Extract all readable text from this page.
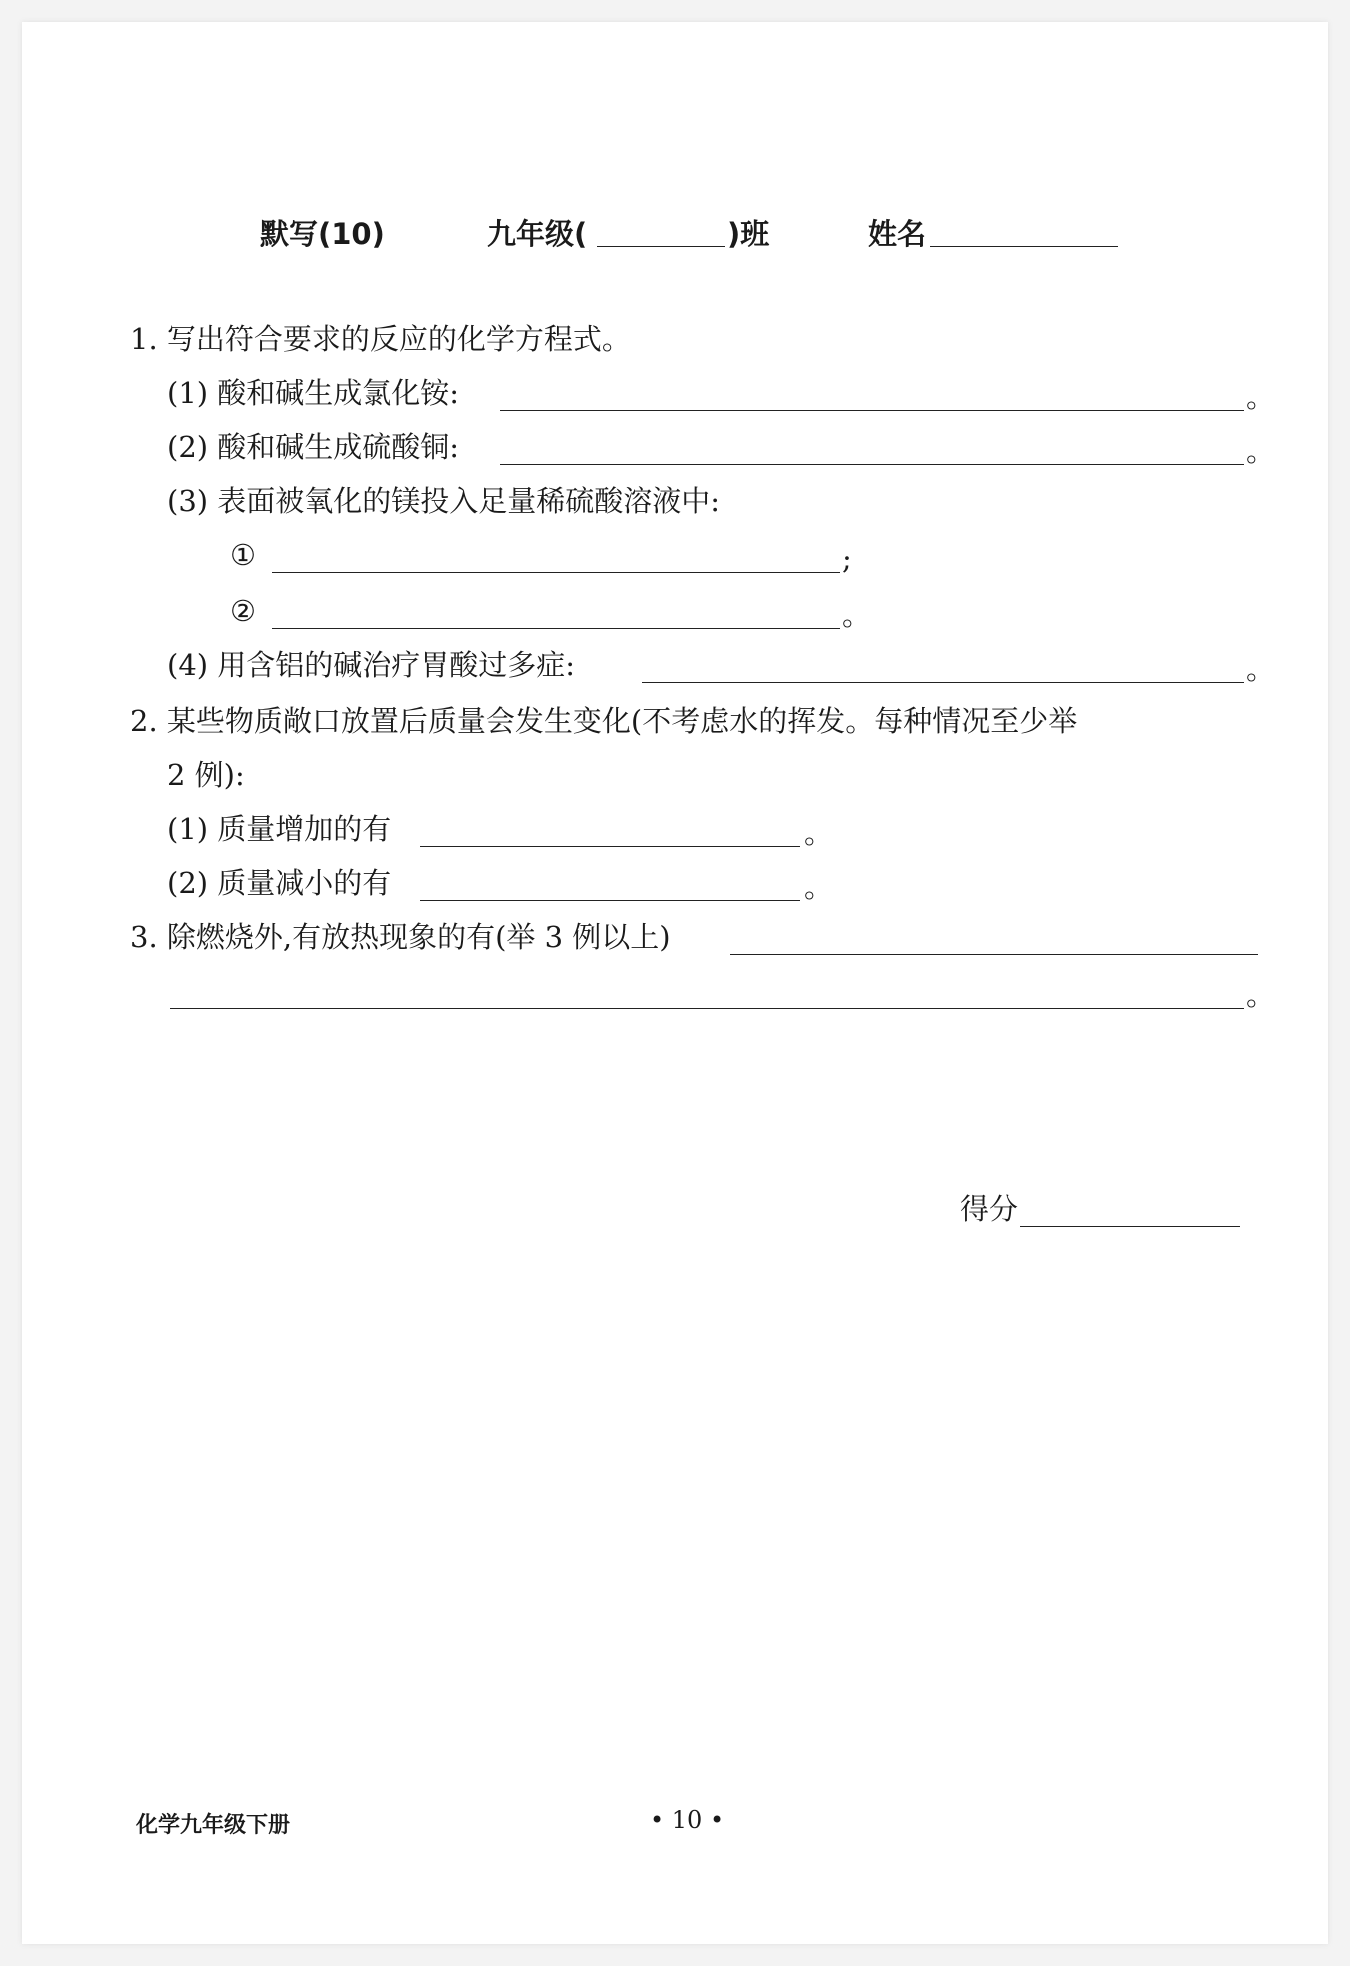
默写(10)	九年级(	)班	姓名
1. 写出符合要求的反应的化学方程式。
(1) 酸和碱生成氯化铵:	。
(2) 酸和碱生成硫酸铜:	。
(3) 表面被氧化的镁投入足量稀硫酸溶液中:
①	;
②	。
(4) 用含铝的碱治疗胃酸过多症:	。
2. 某些物质敞口放置后质量会发生变化(不考虑水的挥发。每种情况至少举
2 例):
(1) 质量增加的有	。
(2) 质量减小的有	。
3. 除燃烧外,有放热现象的有(举 3 例以上)
。
得分
化学九年级下册	• 10 •
